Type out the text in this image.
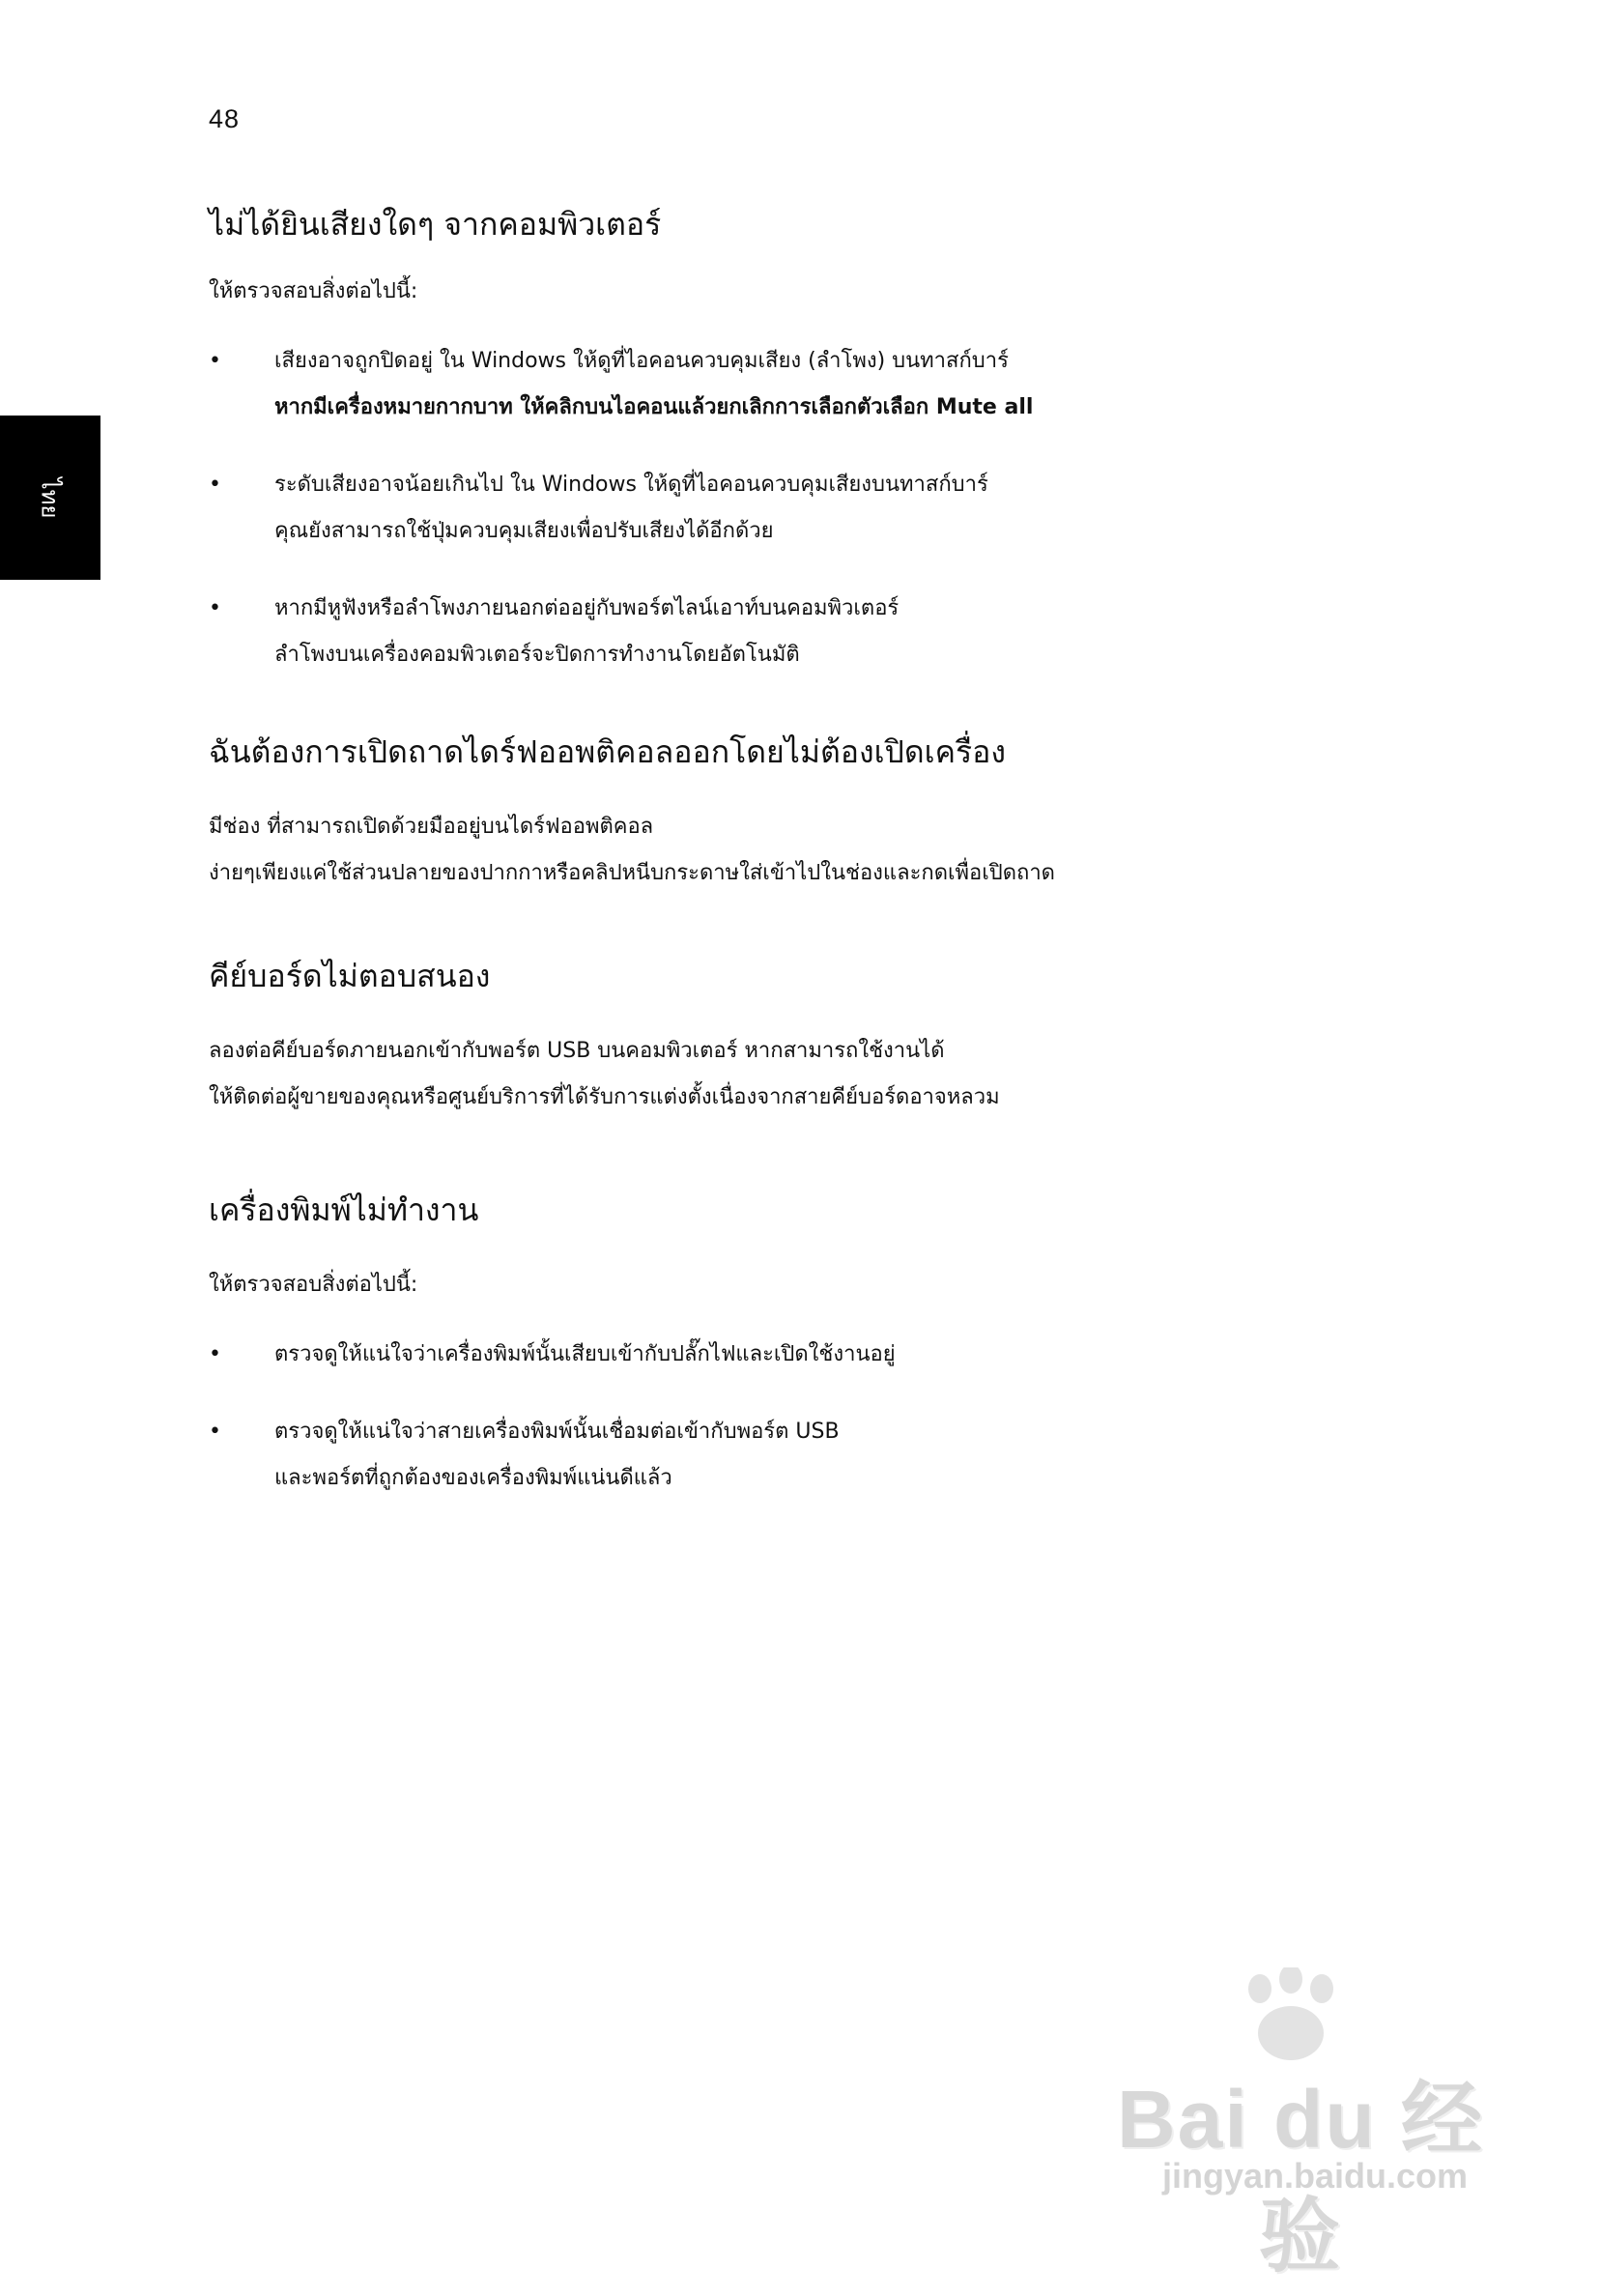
48
ไทย
ไม่ได้ยินเสียงใดๆ จากคอมพิวเตอร์

ให้ตรวจสอบสิ่งต่อไปนี้:

•	เสียงอาจถูกปิดอยู่ ใน Windows ให้ดูที่ไอคอนควบคุมเสียง (ลำโพง) บนทาสก์บาร์
หากมีเครื่องหมายกากบาท ให้คลิกบนไอคอนแล้วยกเลิกการเลือกตัวเลือก Mute all
•	ระดับเสียงอาจน้อยเกินไป ใน Windows ให้ดูที่ไอคอนควบคุมเสียงบนทาสก์บาร์
คุณยังสามารถใช้ปุ่มควบคุมเสียงเพื่อปรับเสียงได้อีกด้วย
•	หากมีหูฟังหรือลำโพงภายนอกต่ออยู่กับพอร์ตไลน์เอาท์บนคอมพิวเตอร์
ลำโพงบนเครื่องคอมพิวเตอร์จะปิดการทำงานโดยอัตโนมัติ
ฉันต้องการเปิดถาดไดร์ฟออพติคอลออกโดยไม่ต้องเปิดเครื่อง
มีช่อง ที่สามารถเปิดด้วยมืออยู่บนไดร์ฟออพติคอล
ง่ายๆเพียงแค่ใช้ส่วนปลายของปากกาหรือคลิปหนีบกระดาษใส่เข้าไปในช่องและกดเพื่อเปิดถาด
คีย์บอร์ดไม่ตอบสนอง
ลองต่อคีย์บอร์ดภายนอกเข้ากับพอร์ต USB บนคอมพิวเตอร์ หากสามารถใช้งานได้
ให้ติดต่อผู้ขายของคุณหรือศูนย์บริการที่ได้รับการแต่งตั้งเนื่องจากสายคีย์บอร์ดอาจหลวม
เครื่องพิมพ์ไม่ทำงาน

ให้ตรวจสอบสิ่งต่อไปนี้:

•	ตรวจดูให้แน่ใจว่าเครื่องพิมพ์นั้นเสียบเข้ากับปลั๊กไฟและเปิดใช้งานอยู่
•	ตรวจดูให้แน่ใจว่าสายเครื่องพิมพ์นั้นเชื่อมต่อเข้ากับพอร์ต USB
และพอร์ตที่ถูกต้องของเครื่องพิมพ์แน่นดีแล้ว
Bai du 经验
jingyan.baidu.com
